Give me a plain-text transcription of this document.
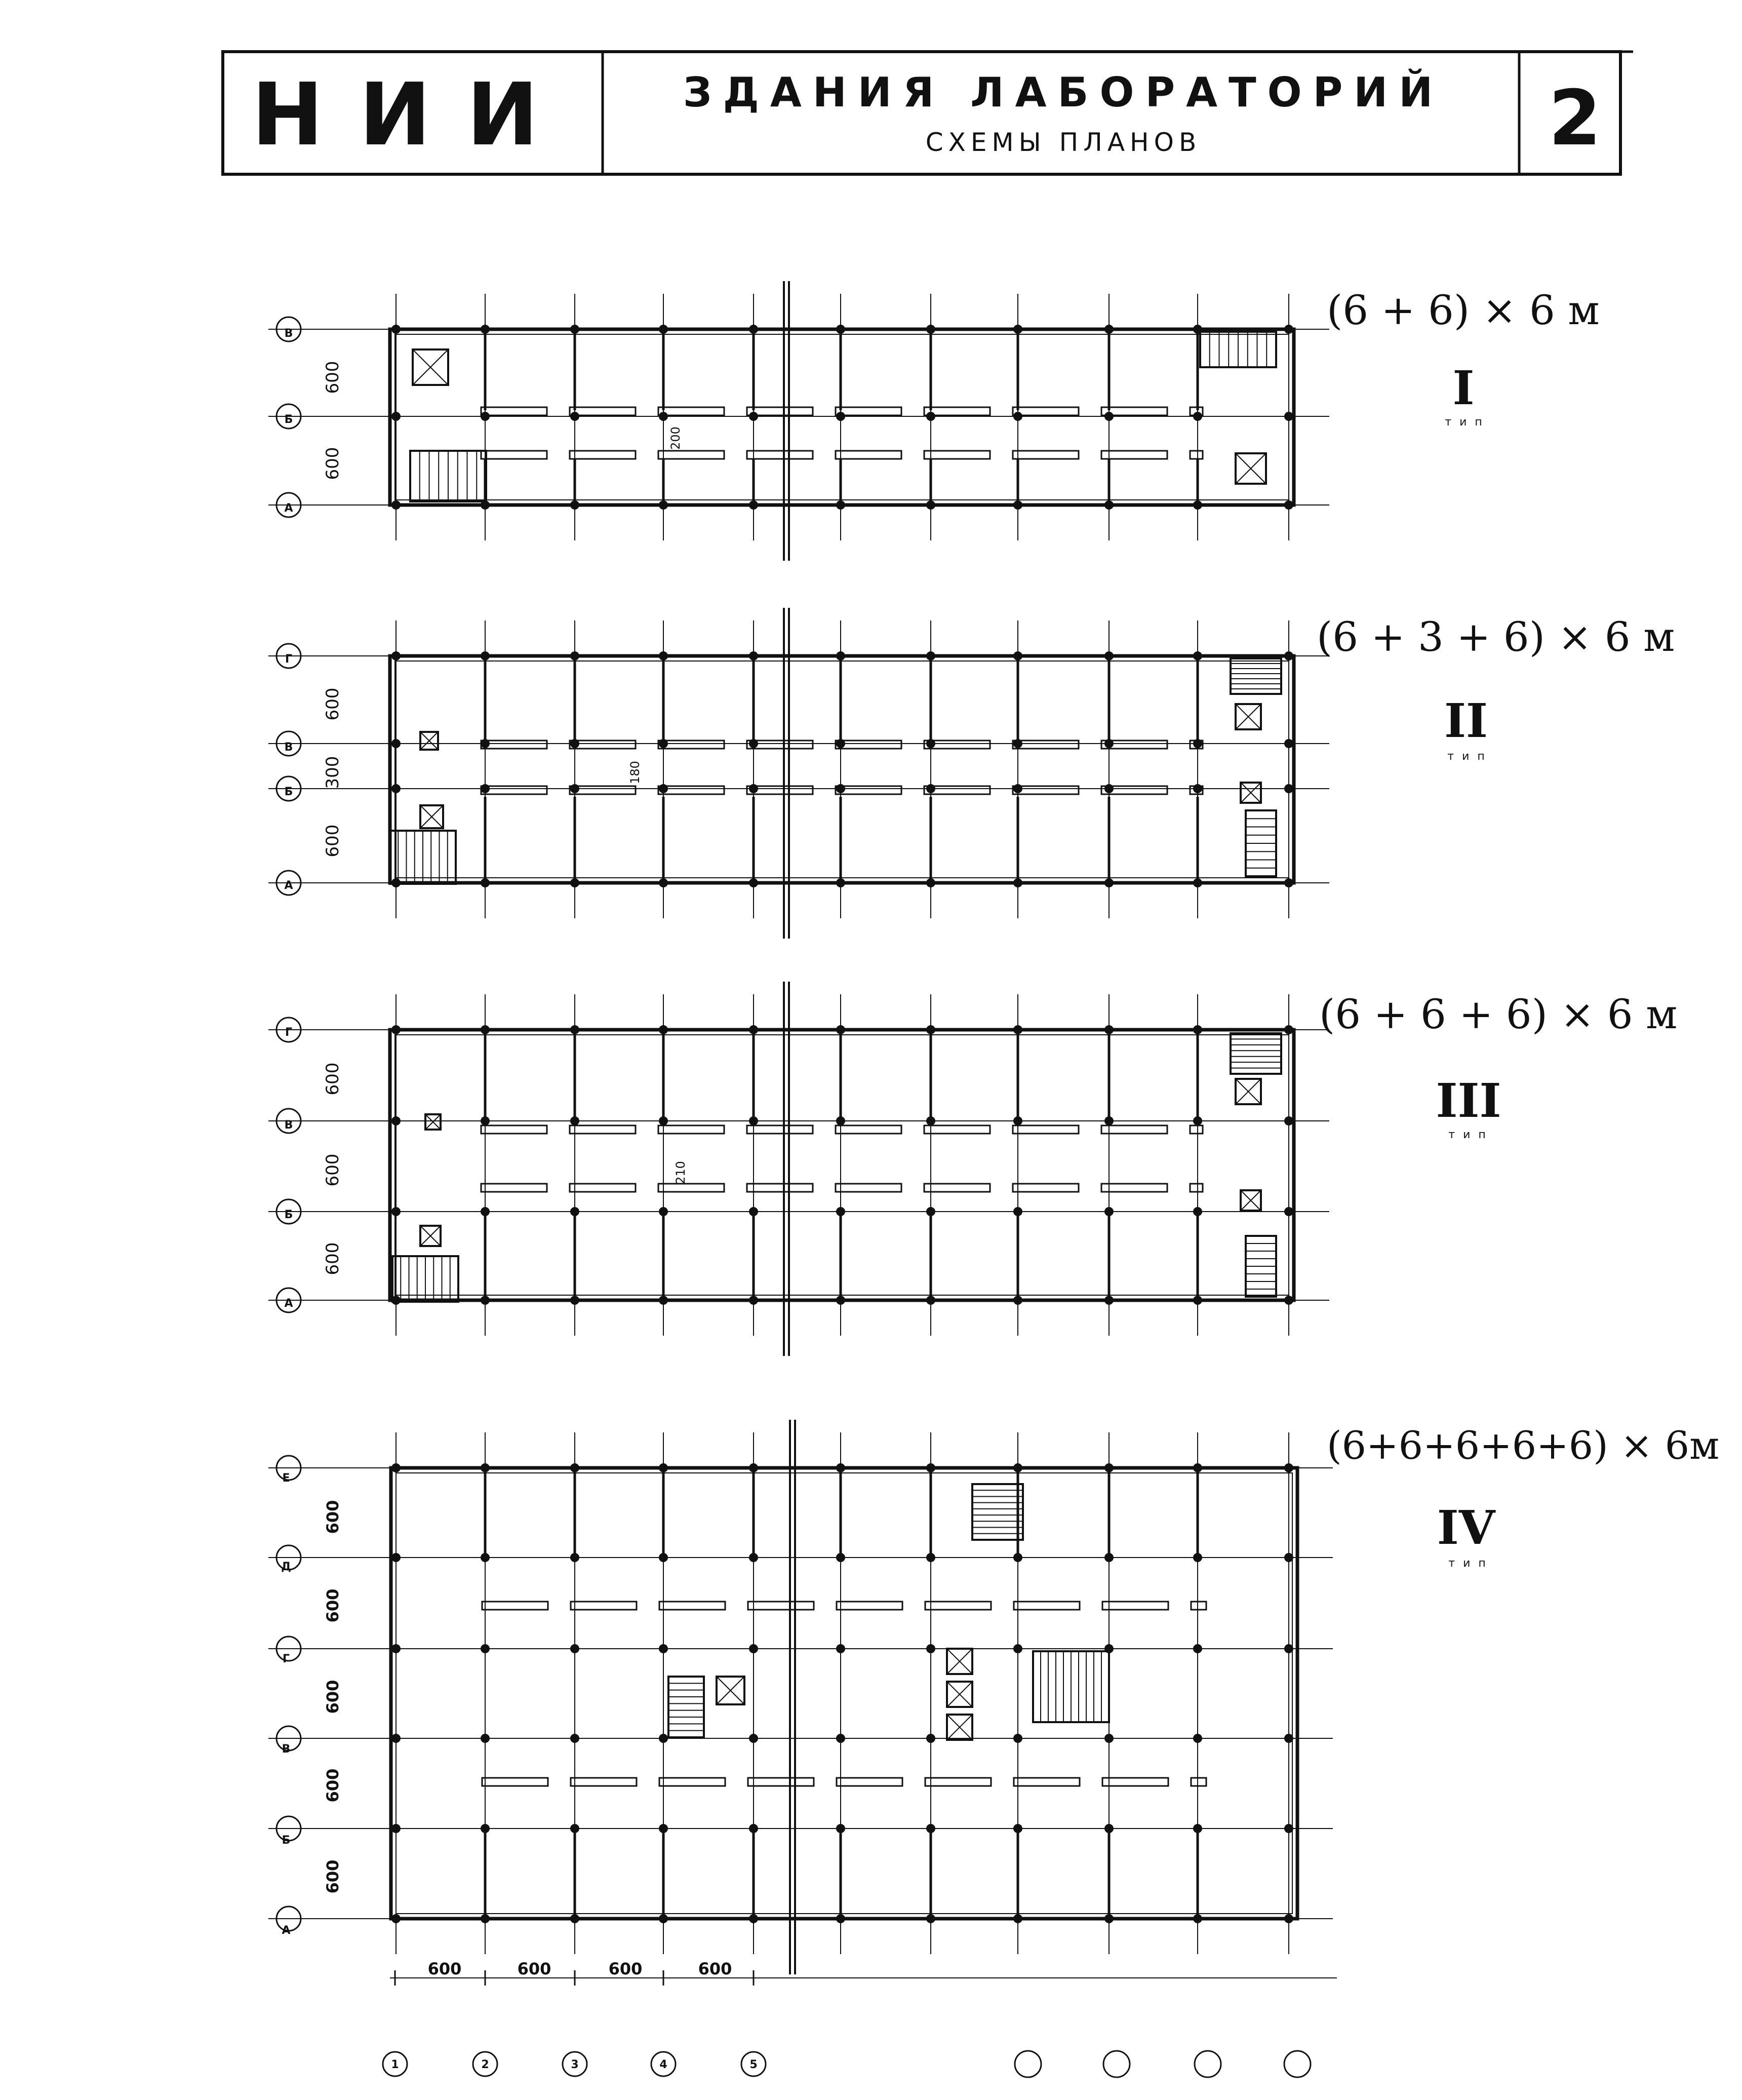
НИИ	ЗДАНИЯ ЛАБОРАТОРИЙ
СХЕМЫ ПЛАНОВ	2
(6 + 6) × 6 м
I
тип
В
Б
А
600
600
200
(6 + 3 + 6) × 6 м
II
тип
Г
В
Б
А
600
300
600
180
(6 + 6 + 6) × 6 м
III
тип
Г
В
Б
А
600
600
600
210
(6+6+6+6+6) × 6м
IV
тип
Е
Д
Г
В
Б
А
600
600
600
600
600
600	600	600	600
1	2	3	4	5
